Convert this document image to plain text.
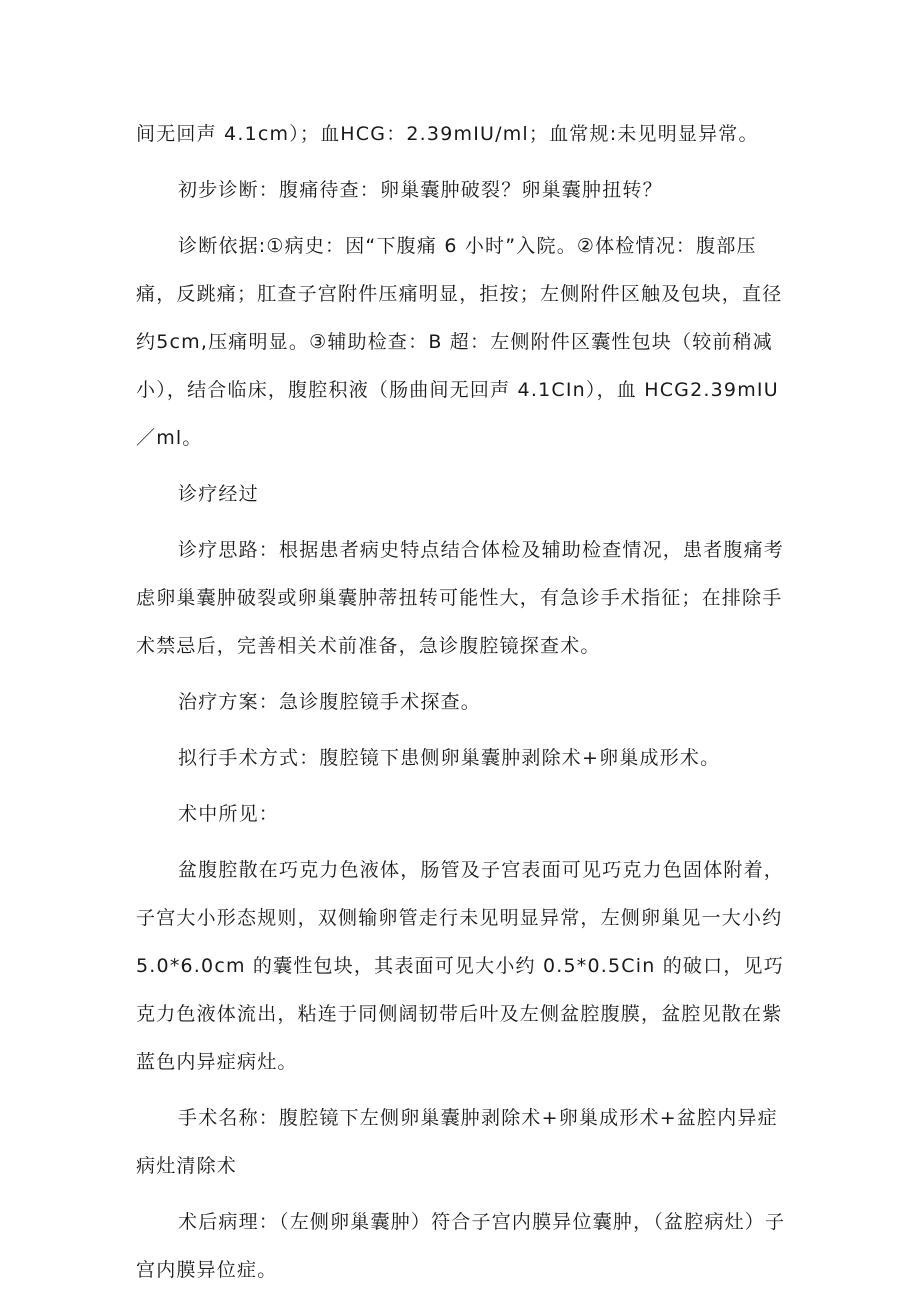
间无回声 4.1cm）；血HCG：2.39mIU/ml；血常规:未见明显异常。

初步诊断：腹痛待查：卵巢囊肿破裂？卵巢囊肿扭转？

诊断依据:①病史：因“下腹痛 6 小时”入院。②体检情况：腹部压痛，反跳痛；肛查子宫附件压痛明显，拒按；左侧附件区触及包块，直径约5cm,压痛明显。③辅助检查：B 超：左侧附件区囊性包块（较前稍减小），结合临床，腹腔积液（肠曲间无回声 4.1CIn），血 HCG2.39mIU／ml。

诊疗经过

诊疗思路：根据患者病史特点结合体检及辅助检查情况，患者腹痛考虑卵巢囊肿破裂或卵巢囊肿蒂扭转可能性大，有急诊手术指征；在排除手术禁忌后，完善相关术前准备，急诊腹腔镜探查术。

治疗方案：急诊腹腔镜手术探查。

拟行手术方式：腹腔镜下患侧卵巢囊肿剥除术+卵巢成形术。

术中所见：

盆腹腔散在巧克力色液体，肠管及子宫表面可见巧克力色固体附着，子宫大小形态规则，双侧输卵管走行未见明显异常，左侧卵巢见一大小约5.0*6.0cm 的囊性包块，其表面可见大小约 0.5*0.5Cin 的破口，见巧克力色液体流出，粘连于同侧阔韧带后叶及左侧盆腔腹膜，盆腔见散在紫蓝色内异症病灶。

手术名称：腹腔镜下左侧卵巢囊肿剥除术+卵巢成形术+盆腔内异症病灶清除术

术后病理：（左侧卵巢囊肿）符合子宫内膜异位囊肿，（盆腔病灶）子宫内膜异位症。
